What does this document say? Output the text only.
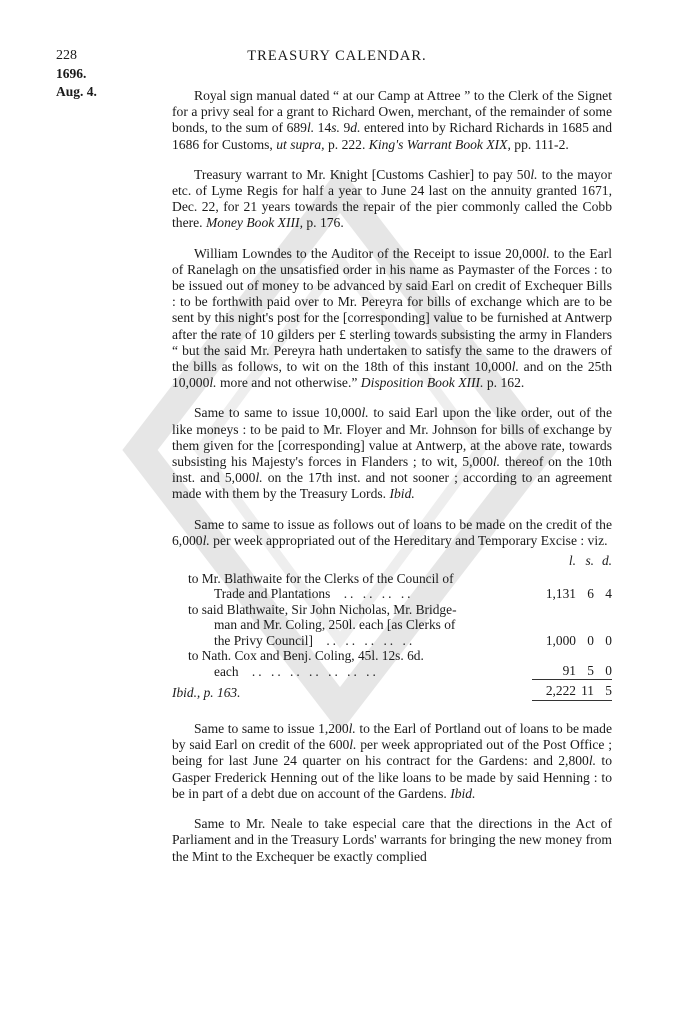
228	TREASURY CALENDAR.
1696.
Aug. 4.	Royal sign manual dated “ at our Camp at Attree ” to the Clerk of the Signet for a privy seal for a grant to Richard Owen, merchant, of the remainder of some bonds, to the sum of 689l. 14s. 9d. entered into by Richard Richards in 1685 and 1686 for Customs, ut supra, p. 222. King's Warrant Book XIX, pp. 111-2.

Treasury warrant to Mr. Knight [Customs Cashier] to pay 50l. to the mayor etc. of Lyme Regis for half a year to June 24 last on the annuity granted 1671, Dec. 22, for 21 years towards the repair of the pier commonly called the Cobb there. Money Book XIII, p. 176.

William Lowndes to the Auditor of the Receipt to issue 20,000l. to the Earl of Ranelagh on the unsatisfied order in his name as Paymaster of the Forces : to be issued out of money to be advanced by said Earl on credit of Exchequer Bills : to be forthwith paid over to Mr. Pereyra for bills of exchange which are to be sent by this night's post for the [corresponding] value to be furnished at Antwerp after the rate of 10 gilders per £ sterling towards subsisting the army in Flanders “ but the said Mr. Pereyra hath undertaken to satisfy the same to the drawers of the bills as follows, to wit on the 18th of this instant 10,000l. and on the 25th 10,000l. more and not otherwise.” Disposition Book XIII. p. 162.

Same to same to issue 10,000l. to said Earl upon the like order, out of the like moneys : to be paid to Mr. Floyer and Mr. Johnson for bills of exchange by them given for the [corresponding] value at Antwerp, at the above rate, towards subsisting his Majesty's forces in Flanders ; to wit, 5,000l. thereof on the 10th inst. and 5,000l. on the 17th inst. and not sooner ; according to an agreement made with them by the Treasury Lords. Ibid.

Same to same to issue as follows out of loans to be made on the credit of the 6,000l. per week appropriated out of the Hereditary and Temporary Excise : viz.

	l.	s.	d.
to Mr. Blathwaite for the Clerks of the Council of
Trade and Plantations .. .. .. ..	1,131	6	4
to said Blathwaite, Sir John Nicholas, Mr. Bridge-
man and Mr. Coling, 250l. each [as Clerks of
the Privy Council] .. .. .. .. ..	1,000	0	0
to Nath. Cox and Benj. Coling, 45l. 12s. 6d.
each .. .. .. .. .. .. ..	91	5	0
Ibid., p. 163.	2,222	11	5

Same to same to issue 1,200l. to the Earl of Portland out of loans to be made by said Earl on credit of the 600l. per week appropriated out of the Post Office ; being for last June 24 quarter on his contract for the Gardens: and 2,800l. to Gasper Frederick Henning out of the like loans to be made by said Henning : to be in part of a debt due on account of the Gardens. Ibid.

Same to Mr. Neale to take especial care that the directions in the Act of Parliament and in the Treasury Lords' warrants for bringing the new money from the Mint to the Exchequer be exactly complied
